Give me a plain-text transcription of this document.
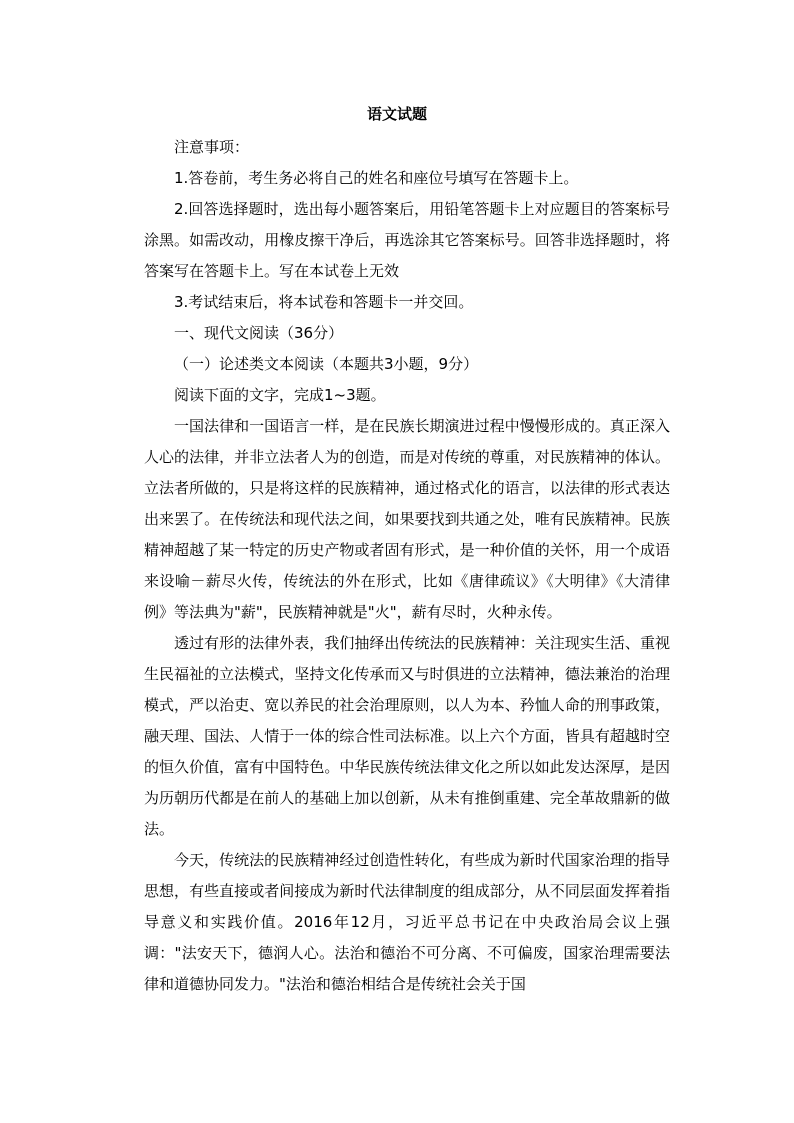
语文试题

注意事项：

1.答卷前，考生务必将自己的姓名和座位号填写在答题卡上。

2.回答选择题时，选出每小题答案后，用铅笔答题卡上对应题目的答案标号涂黑。如需改动，用橡皮擦干净后，再选涂其它答案标号。回答非选择题时，将答案写在答题卡上。写在本试卷上无效

3.考试结束后，将本试卷和答题卡一并交回。

一、现代文阅读（36分）

（一）论述类文本阅读（本题共3小题，9分）

阅读下面的文字，完成1~3题。

一国法律和一国语言一样，是在民族长期演进过程中慢慢形成的。真正深入人心的法律，并非立法者人为的创造，而是对传统的尊重，对民族精神的体认。立法者所做的，只是将这样的民族精神，通过格式化的语言，以法律的形式表达出来罢了。在传统法和现代法之间，如果要找到共通之处，唯有民族精神。民族精神超越了某一特定的历史产物或者固有形式，是一种价值的关怀，用一个成语来设喻－薪尽火传，传统法的外在形式，比如《唐律疏议》《大明律》《大清律例》等法典为"薪"，民族精神就是"火"，薪有尽时，火种永传。

透过有形的法律外表，我们抽绎出传统法的民族精神：关注现实生活、重视生民福祉的立法模式，坚持文化传承而又与时俱进的立法精神，德法兼治的治理模式，严以治吏、宽以养民的社会治理原则，以人为本、矜恤人命的刑事政策，融天理、国法、人情于一体的综合性司法标准。以上六个方面，皆具有超越时空的恒久价值，富有中国特色。中华民族传统法律文化之所以如此发达深厚，是因为历朝历代都是在前人的基础上加以创新，从未有推倒重建、完全革故鼎新的做法。

今天，传统法的民族精神经过创造性转化，有些成为新时代国家治理的指导思想，有些直接或者间接成为新时代法律制度的组成部分，从不同层面发挥着指导意义和实践价值。2016年12月，习近平总书记在中央政治局会议上强调："法安天下，德润人心。法治和德治不可分离、不可偏废，国家治理需要法律和道德协同发力。"法治和德治相结合是传统社会关于国
